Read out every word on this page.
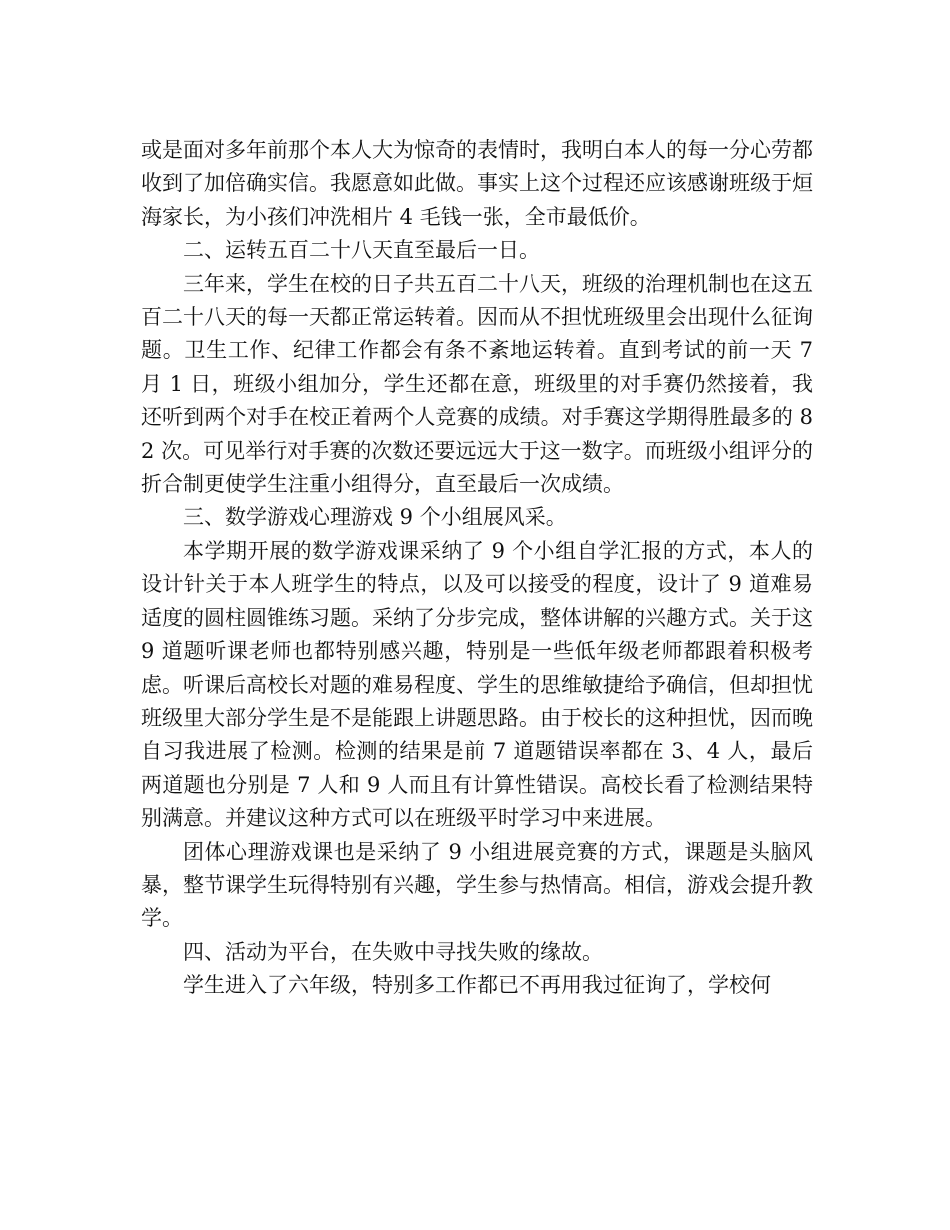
或是面对多年前那个本人大为惊奇的表情时，我明白本人的每一分心劳都收到了加倍确实信。我愿意如此做。事实上这个过程还应该感谢班级于烜海家长，为小孩们冲洗相片 4 毛钱一张，全市最低价。

二、运转五百二十八天直至最后一日。

三年来，学生在校的日子共五百二十八天，班级的治理机制也在这五百二十八天的每一天都正常运转着。因而从不担忧班级里会出现什么征询题。卫生工作、纪律工作都会有条不紊地运转着。直到考试的前一天 7 月 1 日，班级小组加分，学生还都在意，班级里的对手赛仍然接着，我还听到两个对手在校正着两个人竞赛的成绩。对手赛这学期得胜最多的 82 次。可见举行对手赛的次数还要远远大于这一数字。而班级小组评分的折合制更使学生注重小组得分，直至最后一次成绩。

三、数学游戏心理游戏 9 个小组展风采。

本学期开展的数学游戏课采纳了 9 个小组自学汇报的方式，本人的设计针关于本人班学生的特点，以及可以接受的程度，设计了 9 道难易适度的圆柱圆锥练习题。采纳了分步完成，整体讲解的兴趣方式。关于这 9 道题听课老师也都特别感兴趣，特别是一些低年级老师都跟着积极考虑。听课后高校长对题的难易程度、学生的思维敏捷给予确信，但却担忧班级里大部分学生是不是能跟上讲题思路。由于校长的这种担忧，因而晚自习我进展了检测。检测的结果是前 7 道题错误率都在 3、4 人，最后两道题也分别是 7 人和 9 人而且有计算性错误。高校长看了检测结果特别满意。并建议这种方式可以在班级平时学习中来进展。

团体心理游戏课也是采纳了 9 小组进展竞赛的方式，课题是头脑风暴，整节课学生玩得特别有兴趣，学生参与热情高。相信，游戏会提升教学。

四、活动为平台，在失败中寻找失败的缘故。

学生进入了六年级，特别多工作都已不再用我过征询了，学校何
